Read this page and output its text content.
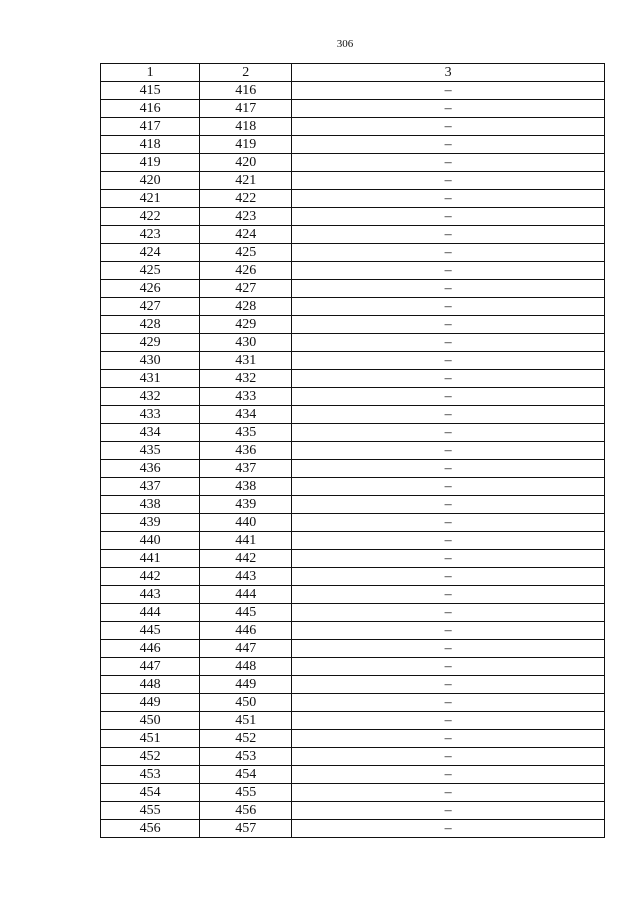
306
1	2	3
415	416	–
416	417	–
417	418	–
418	419	–
419	420	–
420	421	–
421	422	–
422	423	–
423	424	–
424	425	–
425	426	–
426	427	–
427	428	–
428	429	–
429	430	–
430	431	–
431	432	–
432	433	–
433	434	–
434	435	–
435	436	–
436	437	–
437	438	–
438	439	–
439	440	–
440	441	–
441	442	–
442	443	–
443	444	–
444	445	–
445	446	–
446	447	–
447	448	–
448	449	–
449	450	–
450	451	–
451	452	–
452	453	–
453	454	–
454	455	–
455	456	–
456	457	–
